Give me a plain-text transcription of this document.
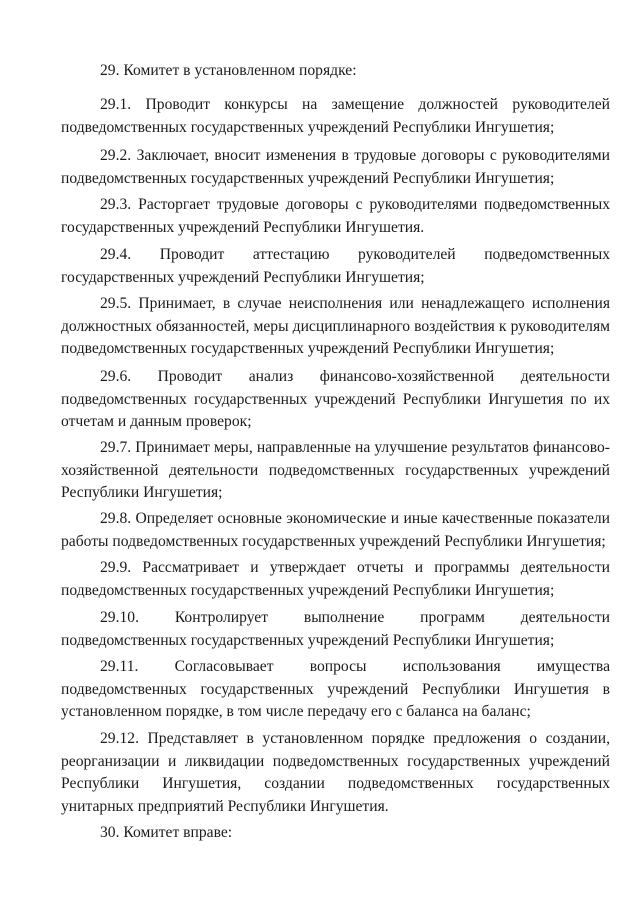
29. Комитет в установленном порядке:

29.1. Проводит конкурсы на замещение должностей руководителей подведомственных государственных учреждений Республики Ингушетия;

29.2. Заключает, вносит изменения в трудовые договоры с руководителями подведомственных государственных учреждений Республики Ингушетия;

29.3. Расторгает трудовые договоры с руководителями подведомственных государственных учреждений Республики Ингушетия.

29.4. Проводит аттестацию руководителей подведомственных государственных учреждений Республики Ингушетия;

29.5. Принимает, в случае неисполнения или ненадлежащего исполнения должностных обязанностей, меры дисциплинарного воздействия к руководителям подведомственных государственных учреждений Республики Ингушетия;

29.6. Проводит анализ финансово-хозяйственной деятельности подведомственных государственных учреждений Республики Ингушетия по их отчетам и данным проверок;

29.7. Принимает меры, направленные на улучшение результатов финансово-хозяйственной деятельности подведомственных государственных учреждений Республики Ингушетия;

29.8. Определяет основные экономические и иные качественные показатели работы подведомственных государственных учреждений Республики Ингушетия;

29.9. Рассматривает и утверждает отчеты и программы деятельности подведомственных государственных учреждений Республики Ингушетия;

29.10. Контролирует выполнение программ деятельности подведомственных государственных учреждений Республики Ингушетия;

29.11. Согласовывает вопросы использования имущества подведомственных государственных учреждений Республики Ингушетия в установленном порядке, в том числе передачу его с баланса на баланс;

29.12. Представляет в установленном порядке предложения о создании, реорганизации и ликвидации подведомственных государственных учреждений Республики Ингушетия, создании подведомственных государственных унитарных предприятий Республики Ингушетия.

30. Комитет вправе:
